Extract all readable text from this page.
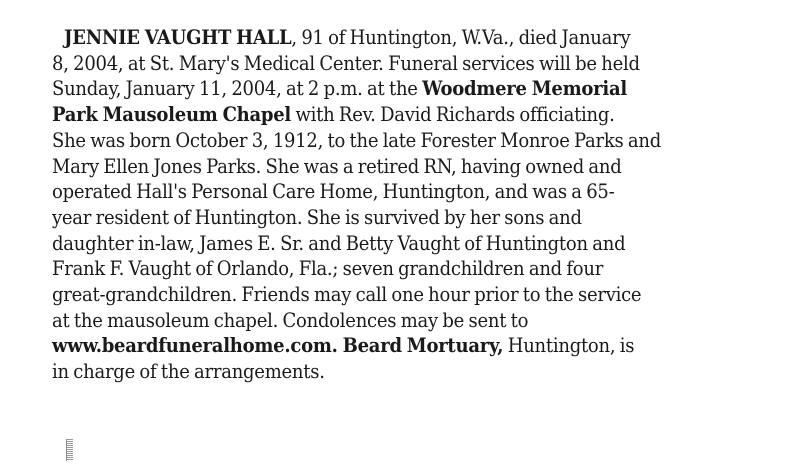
JENNIE VAUGHT HALL, 91 of Huntington, W.Va., died January
8, 2004, at St. Mary's Medical Center. Funeral services will be held
Sunday, January 11, 2004, at 2 p.m. at the Woodmere Memorial
Park Mausoleum Chapel with Rev. David Richards officiating.
She was born October 3, 1912, to the late Forester Monroe Parks and
Mary Ellen Jones Parks. She was a retired RN, having owned and
operated Hall's Personal Care Home, Huntington, and was a 65-
year resident of Huntington. She is survived by her sons and
daughter in-law, James E. Sr. and Betty Vaught of Huntington and
Frank F. Vaught of Orlando, Fla.; seven grandchildren and four
great-grandchildren. Friends may call one hour prior to the service
at the mausoleum chapel. Condolences may be sent to
www.beardfuneralhome.com. Beard Mortuary, Huntington, is
in charge of the arrangements.
